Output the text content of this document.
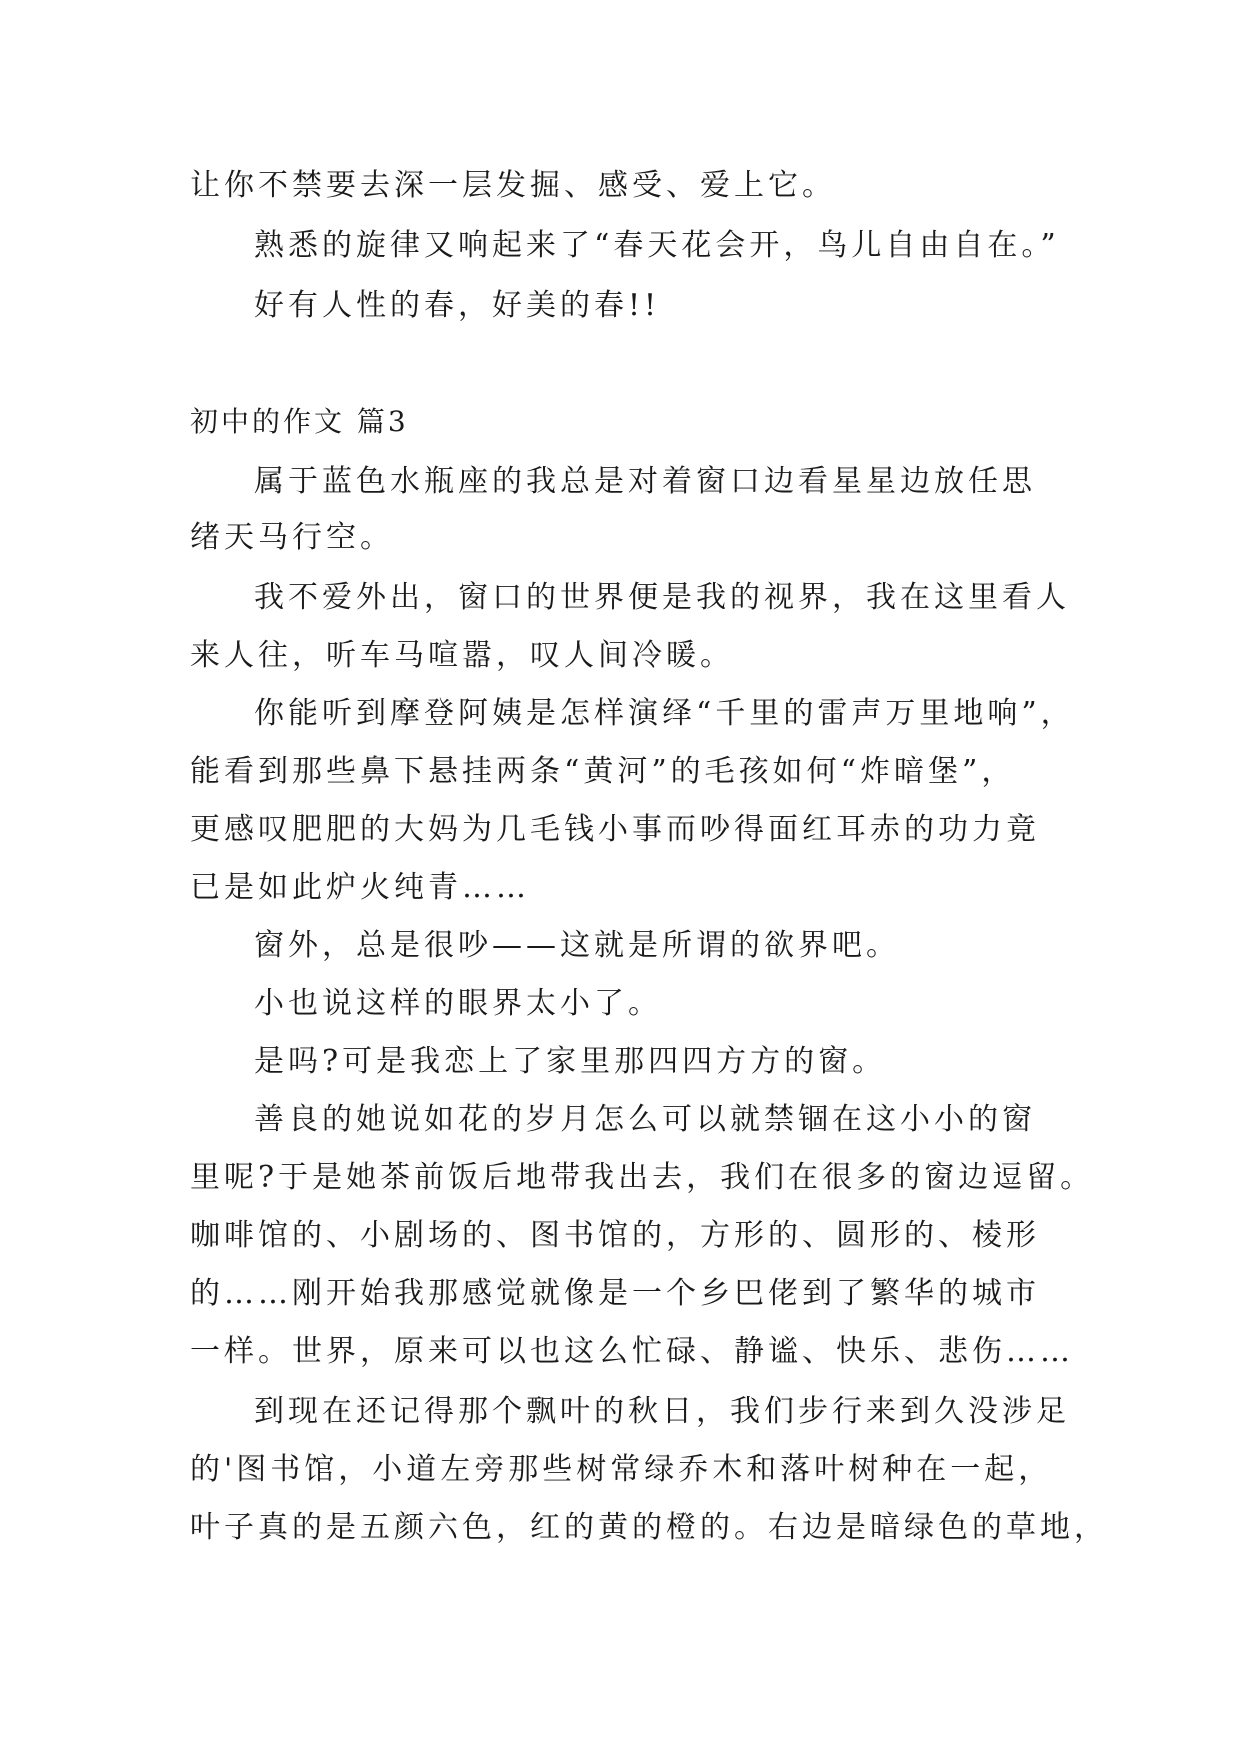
让你不禁要去深一层发掘、感受、爱上它。
熟悉的旋律又响起来了“春天花会开，鸟儿自由自在。”
好有人性的春，好美的春!!
初中的作文 篇3
属于蓝色水瓶座的我总是对着窗口边看星星边放任思
绪天马行空。
我不爱外出，窗口的世界便是我的视界，我在这里看人
来人往，听车马喧嚣，叹人间冷暖。
你能听到摩登阿姨是怎样演绎“千里的雷声万里地响”，
能看到那些鼻下悬挂两条“黄河”的毛孩如何“炸暗堡”，
更感叹肥肥的大妈为几毛钱小事而吵得面红耳赤的功力竟
已是如此炉火纯青……
窗外，总是很吵——这就是所谓的欲界吧。
小也说这样的眼界太小了。
是吗?可是我恋上了家里那四四方方的窗。
善良的她说如花的岁月怎么可以就禁锢在这小小的窗
里呢?于是她茶前饭后地带我出去，我们在很多的窗边逗留。
咖啡馆的、小剧场的、图书馆的，方形的、圆形的、棱形
的……刚开始我那感觉就像是一个乡巴佬到了繁华的城市
一样。世界，原来可以也这么忙碌、静谧、快乐、悲伤……
到现在还记得那个飘叶的秋日，我们步行来到久没涉足
的'图书馆，小道左旁那些树常绿乔木和落叶树种在一起，
叶子真的是五颜六色，红的黄的橙的。右边是暗绿色的草地，
